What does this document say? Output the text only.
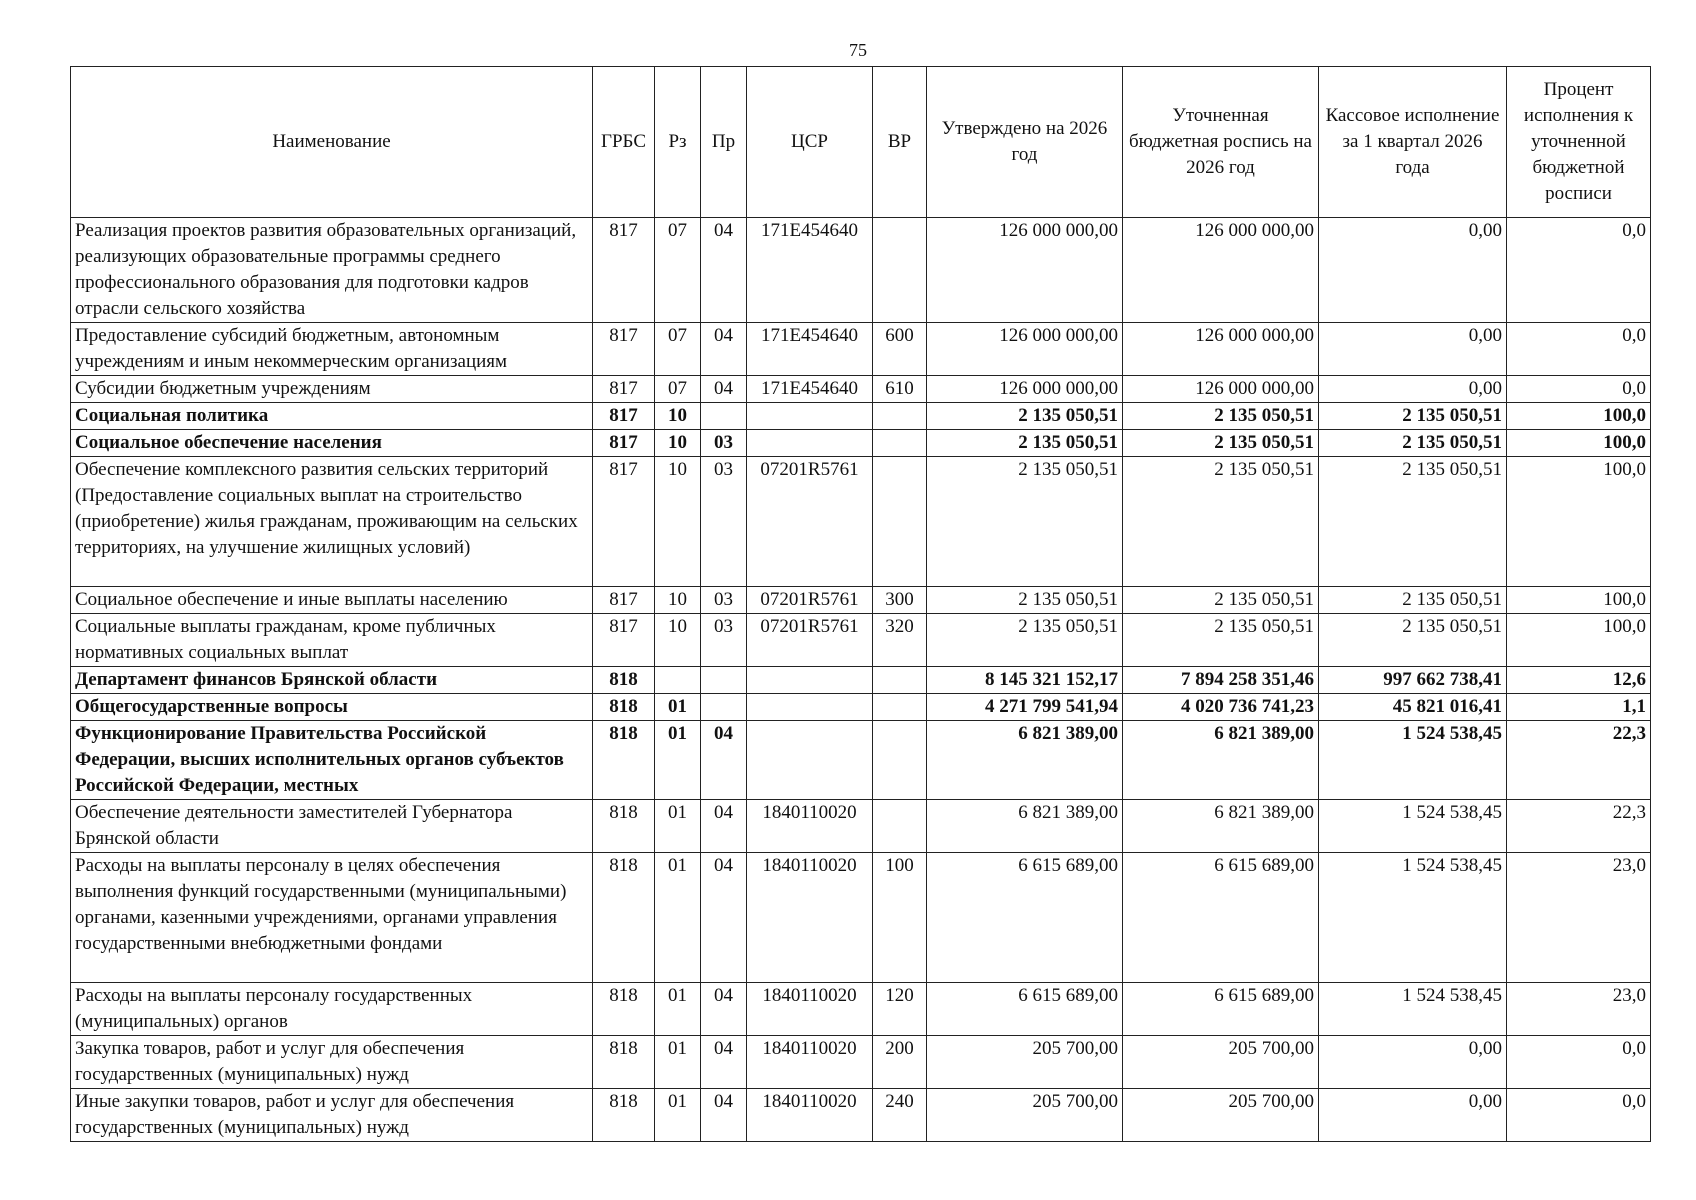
75
Наименование	ГРБС	Рз	Пр	ЦСР	ВР	Утверждено на 2026 год	Уточненная бюджетная роспись на 2026 год	Кассовое исполнение за 1 квартал 2026 года	Процент исполнения к уточненной бюджетной росписи
Реализация проектов развития образовательных организаций, реализующих образовательные программы среднего профессионального образования для подготовки кадров отрасли сельского хозяйства	817	07	04	171E454640		126 000 000,00	126 000 000,00	0,00	0,0
Предоставление субсидий бюджетным, автономным учреждениям и иным некоммерческим организациям	817	07	04	171E454640	600	126 000 000,00	126 000 000,00	0,00	0,0
Субсидии бюджетным учреждениям	817	07	04	171E454640	610	126 000 000,00	126 000 000,00	0,00	0,0
Социальная политика	817	10				2 135 050,51	2 135 050,51	2 135 050,51	100,0
Социальное обеспечение населения	817	10	03			2 135 050,51	2 135 050,51	2 135 050,51	100,0
Обеспечение комплексного развития сельских территорий (Предоставление социальных выплат на строительство (приобретение) жилья гражданам, проживающим на сельских территориях, на улучшение жилищных условий)	817	10	03	07201R5761		2 135 050,51	2 135 050,51	2 135 050,51	100,0
Социальное обеспечение и иные выплаты населению	817	10	03	07201R5761	300	2 135 050,51	2 135 050,51	2 135 050,51	100,0
Социальные выплаты гражданам, кроме публичных нормативных социальных выплат	817	10	03	07201R5761	320	2 135 050,51	2 135 050,51	2 135 050,51	100,0
Департамент финансов Брянской области	818					8 145 321 152,17	7 894 258 351,46	997 662 738,41	12,6
Общегосударственные вопросы	818	01				4 271 799 541,94	4 020 736 741,23	45 821 016,41	1,1
Функционирование Правительства Российской Федерации, высших исполнительных органов субъектов Российской Федерации, местных	818	01	04			6 821 389,00	6 821 389,00	1 524 538,45	22,3
Обеспечение деятельности заместителей Губернатора Брянской области	818	01	04	1840110020		6 821 389,00	6 821 389,00	1 524 538,45	22,3
Расходы на выплаты персоналу в целях обеспечения выполнения функций государственными (муниципальными) органами, казенными учреждениями, органами управления государственными внебюджетными фондами	818	01	04	1840110020	100	6 615 689,00	6 615 689,00	1 524 538,45	23,0
Расходы на выплаты персоналу государственных (муниципальных) органов	818	01	04	1840110020	120	6 615 689,00	6 615 689,00	1 524 538,45	23,0
Закупка товаров, работ и услуг для обеспечения государственных (муниципальных) нужд	818	01	04	1840110020	200	205 700,00	205 700,00	0,00	0,0
Иные закупки товаров, работ и услуг для обеспечения государственных (муниципальных) нужд	818	01	04	1840110020	240	205 700,00	205 700,00	0,00	0,0
